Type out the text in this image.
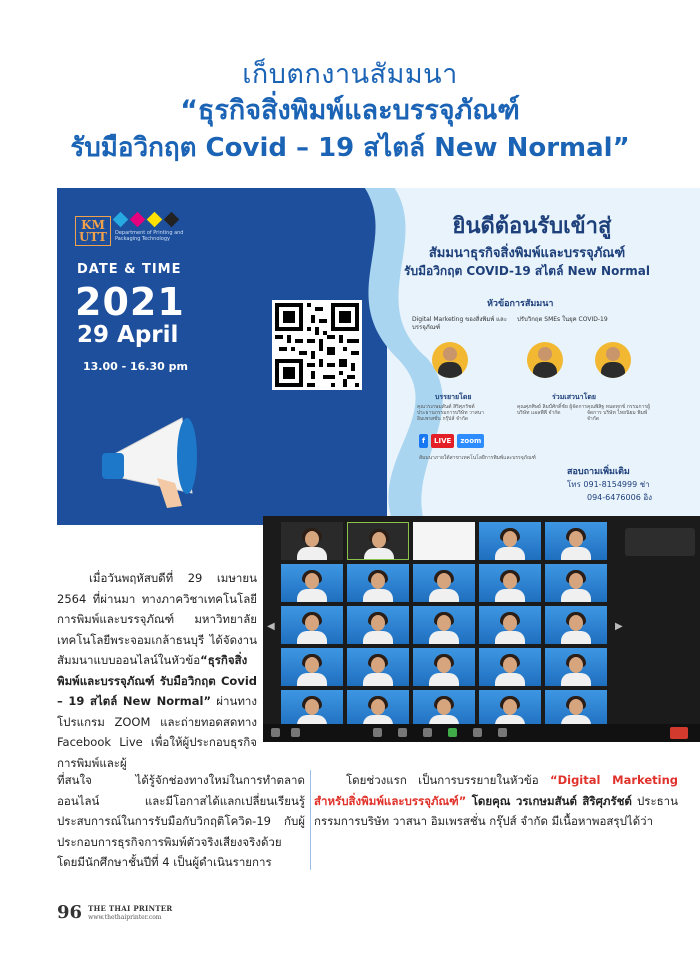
เก็บตกงานสัมมนา
“ธุรกิจสิ่งพิมพ์และบรรจุภัณฑ์
รับมือวิกฤต Covid – 19 สไตล์ New Normal”
KM UTT	Department of Printing and Packaging Technology
DATE & TIME
2021
29 April
13.00 - 16.30 pm
ยินดีต้อนรับเข้าสู่
สัมมนาธุรกิจสิ่งพิมพ์และบรรจุภัณฑ์
รับมือวิกฤต COVID-19 สไตล์ New Normal
หัวข้อการสัมมนา
Digital Marketing ของสิ่งพิมพ์ และบรรจุภัณฑ์
ปรับวิกฤต SMEs ในยุค COVID-19
บรรยายโดย	ร่วมเสวนาโดย
คุณวรเกษมสันต์ สิริศุภรัชต์ ประธานกรรมการบริษัท วาสนา อิมเพรสชั่น กรุ๊ปส์ จำกัด
คุณศุภศิษย์ ลิมป์ศักดิ์ชัย ผู้จัดการ บริษัท แอลพีพี จำกัด
คุณพิสิฐ หมดทุกข์ กรรมการผู้จัดการ บริษัท ไทยนิยม พิมพ์ จำกัด
f	LIVE	zoom
สัมมนาภายใต้สาขาเทคโนโลยีการพิมพ์และบรรจุภัณฑ์
สอบถามเพิ่มเติม
โทร 091-8154999 ช่า
094-6476006 อิง
◀	▶

เมื่อวันพฤหัสบดีที่ 29 เมษายน 2564 ที่ผ่านมา ทางภาควิชาเทคโนโลยีการพิมพ์และบรรจุภัณฑ์ มหาวิทยาลัยเทคโนโลยีพระจอมเกล้าธนบุรี ได้จัดงานสัมมนาแบบออนไลน์ในหัวข้อ“ธุรกิจสิ่งพิมพ์และบรรจุภัณฑ์ รับมือวิกฤต Covid – 19 สไตล์ New Normal” ผ่านทางโปรแกรม ZOOM และถ่ายทอดสดทาง Facebook Live เพื่อให้ผู้ประกอบธุรกิจการพิมพ์และผู้

ที่สนใจ ได้รู้จักช่องทางใหม่ในการทำตลาดออนไลน์ และมีโอกาสได้แลกเปลี่ยนเรียนรู้ประสบการณ์ในการรับมือกับวิกฤติโควิด-19 กับผู้ประกอบการธุรกิจการพิมพ์ตัวจริงเสียงจริงด้วย โดยมีนักศึกษาชั้นปีที่ 4 เป็นผู้ดำเนินรายการ

โดยช่วงแรก เป็นการบรรยายในหัวข้อ “Digital Marketing สำหรับสิ่งพิมพ์และบรรจุภัณฑ์” โดยคุณ วรเกษมสันต์ สิริศุภรัชต์ ประธานกรรมการบริษัท วาสนา อิมเพรสชั่น กรุ๊ปส์ จำกัด มีเนื้อหาพอสรุปได้ว่า

96 THE THAI PRINTER
www.thethaiprinter.com
